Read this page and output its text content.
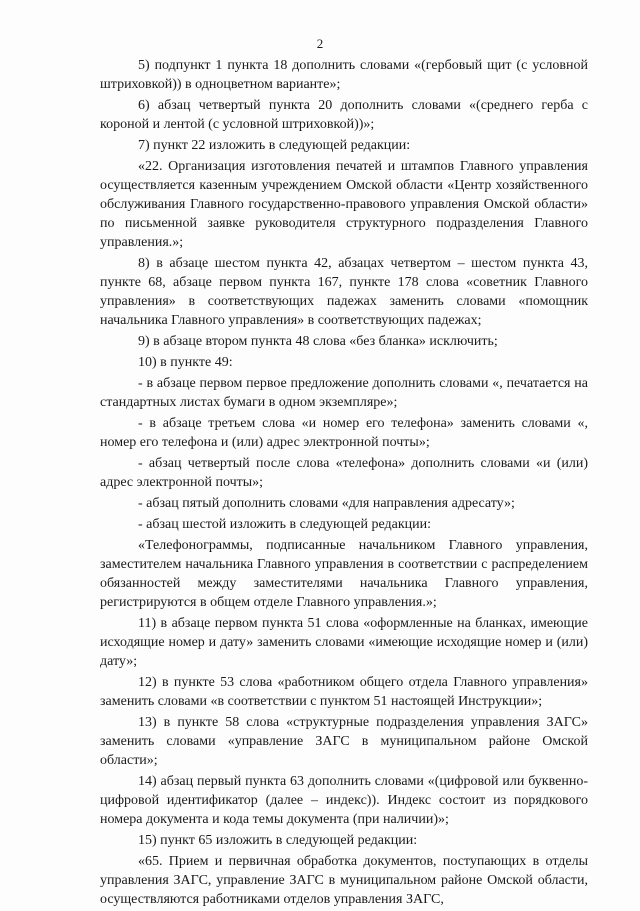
2

5) подпункт 1 пункта 18 дополнить словами «(гербовый щит (с условной штриховкой)) в одноцветном варианте»;

6) абзац четвертый пункта 20 дополнить словами «(среднего герба с короной и лентой (с условной штриховкой))»;

7) пункт 22 изложить в следующей редакции:

«22. Организация изготовления печатей и штампов Главного управления осуществляется казенным учреждением Омской области «Центр хозяйственного обслуживания Главного государственно-правового управления Омской области» по письменной заявке руководителя структурного подразделения Главного управления.»;

8) в абзаце шестом пункта 42, абзацах четвертом – шестом пункта 43, пункте 68, абзаце первом пункта 167, пункте 178 слова «советник Главного управления» в соответствующих падежах заменить словами «помощник начальника Главного управления» в соответствующих падежах;

9) в абзаце втором пункта 48 слова «без бланка» исключить;

10) в пункте 49:

- в абзаце первом первое предложение дополнить словами «, печатается на стандартных листах бумаги в одном экземпляре»;

- в абзаце третьем слова «и номер его телефона» заменить словами «, номер его телефона и (или) адрес электронной почты»;

- абзац четвертый после слова «телефона» дополнить словами «и (или) адрес электронной почты»;

- абзац пятый дополнить словами «для направления адресату»;

- абзац шестой изложить в следующей редакции:

«Телефонограммы, подписанные начальником Главного управления, заместителем начальника Главного управления в соответствии с распределением обязанностей между заместителями начальника Главного управления, регистрируются в общем отделе Главного управления.»;

11) в абзаце первом пункта 51 слова «оформленные на бланках, имеющие исходящие номер и дату» заменить словами «имеющие исходящие номер и (или) дату»;

12) в пункте 53 слова «работником общего отдела Главного управления» заменить словами «в соответствии с пунктом 51 настоящей Инструкции»;

13) в пункте 58 слова «структурные подразделения управления ЗАГС» заменить словами «управление ЗАГС в муниципальном районе Омской области»;

14) абзац первый пункта 63 дополнить словами «(цифровой или буквенно-цифровой идентификатор (далее – индекс)). Индекс состоит из порядкового номера документа и кода темы документа (при наличии)»;

15) пункт 65 изложить в следующей редакции:

«65. Прием и первичная обработка документов, поступающих в отделы управления ЗАГС, управление ЗАГС в муниципальном районе Омской области, осуществляются работниками отделов управления ЗАГС,
